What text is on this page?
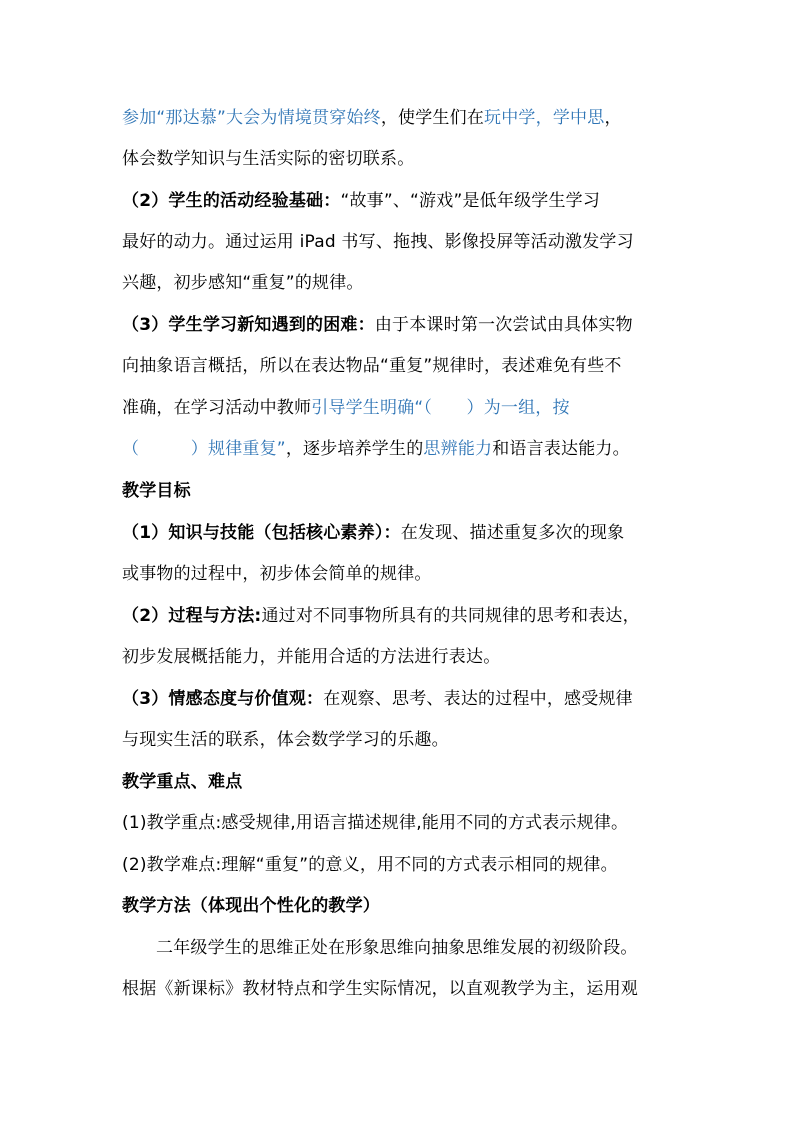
参加“那达慕”大会为情境贯穿始终，使学生们在玩中学，学中思，
体会数学知识与生活实际的密切联系。
（2）学生的活动经验基础：“故事”、“游戏”是低年级学生学习
最好的动力。通过运用 iPad 书写、拖拽、影像投屏等活动激发学习
兴趣，初步感知“重复”的规律。
（3）学生学习新知遇到的困难：由于本课时第一次尝试由具体实物
向抽象语言概括，所以在表达物品“重复”规律时，表述难免有些不
准确，在学习活动中教师引导学生明确“（　　）为一组，按
（　　　）规律重复”，逐步培养学生的思辨能力和语言表达能力。
教学目标
（1）知识与技能（包括核心素养）：在发现、描述重复多次的现象
或事物的过程中，初步体会简单的规律。
（2）过程与方法:通过对不同事物所具有的共同规律的思考和表达，
初步发展概括能力，并能用合适的方法进行表达。
（3）情感态度与价值观：在观察、思考、表达的过程中，感受规律
与现实生活的联系，体会数学学习的乐趣。
教学重点、难点
(1)教学重点:感受规律,用语言描述规律,能用不同的方式表示规律。
(2)教学难点:理解“重复”的意义，用不同的方式表示相同的规律。
教学方法（体现出个性化的教学）
二年级学生的思维正处在形象思维向抽象思维发展的初级阶段。
根据《新课标》教材特点和学生实际情况，以直观教学为主，运用观
